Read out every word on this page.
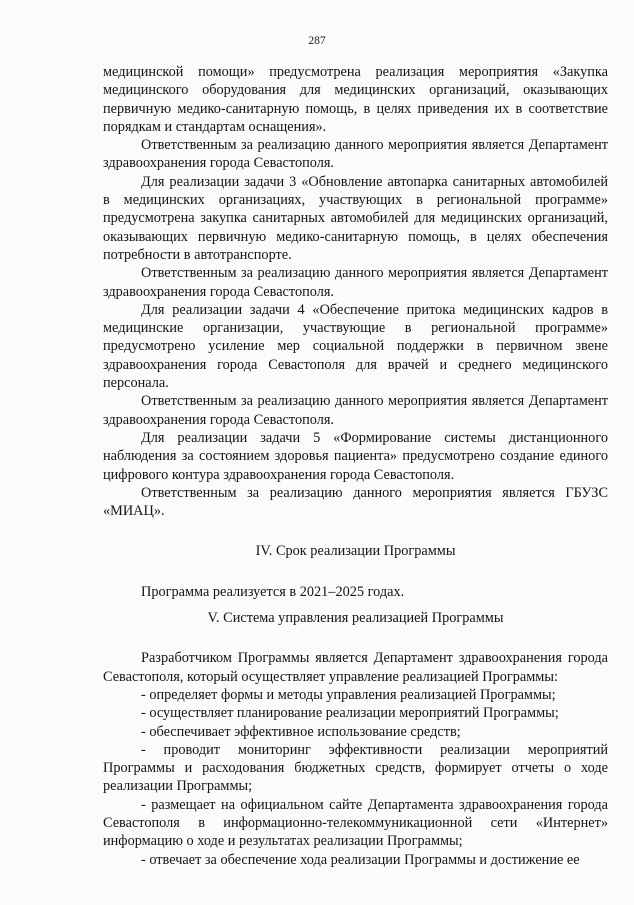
287

медицинской помощи» предусмотрена реализация мероприятия «Закупка медицинского оборудования для медицинских организаций, оказывающих первичную медико-санитарную помощь, в целях приведения их в соответствие порядкам и стандартам оснащения».

Ответственным за реализацию данного мероприятия является Департамент здравоохранения города Севастополя.

Для реализации задачи 3 «Обновление автопарка санитарных автомобилей в медицинских организациях, участвующих в региональной программе» предусмотрена закупка санитарных автомобилей для медицинских организаций, оказывающих первичную медико-санитарную помощь, в целях обеспечения потребности в автотранспорте.

Ответственным за реализацию данного мероприятия является Департамент здравоохранения города Севастополя.

Для реализации задачи 4 «Обеспечение притока медицинских кадров в медицинские организации, участвующие в региональной программе» предусмотрено усиление мер социальной поддержки в первичном звене здравоохранения города Севастополя для врачей и среднего медицинского персонала.

Ответственным за реализацию данного мероприятия является Департамент здравоохранения города Севастополя.

Для реализации задачи 5 «Формирование системы дистанционного наблюдения за состоянием здоровья пациента» предусмотрено создание единого цифрового контура здравоохранения города Севастополя.

Ответственным за реализацию данного мероприятия является ГБУЗС «МИАЦ».

IV. Срок реализации Программы

Программа реализуется в 2021–2025 годах.

V. Система управления реализацией Программы

Разработчиком Программы является Департамент здравоохранения города Севастополя, который осуществляет управление реализацией Программы:

- определяет формы и методы управления реализацией Программы;

- осуществляет планирование реализации мероприятий Программы;

- обеспечивает эффективное использование средств;

- проводит мониторинг эффективности реализации мероприятий Программы и расходования бюджетных средств, формирует отчеты о ходе реализации Программы;

- размещает на официальном сайте Департамента здравоохранения города Севастополя в информационно-телекоммуникационной сети «Интернет» информацию о ходе и результатах реализации Программы;

- отвечает за обеспечение хода реализации Программы и достижение ее
